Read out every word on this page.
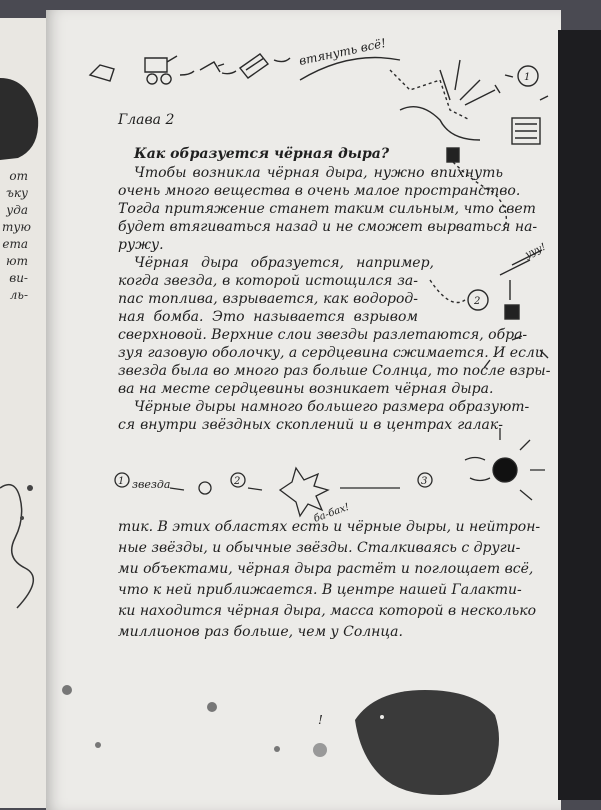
от
ъку
уда
тую
ета
ют
ви-
ль-
втянуть всё!
1
2
ууу!
1 звезда	2	3
ба-бах!
!
Глава 2
Как образуется чёрная дыра?
Чтобы возникла чёрная дыра, нужно впихнуть
очень много вещества в очень малое пространство.
Тогда притяжение станет таким сильным, что свет
будет втягиваться назад и не сможет вырваться на-
ружу.
Чёрная дыра образуется, например,
когда звезда, в которой истощился за-
пас топлива, взрывается, как водород-
ная бомба. Это называется взрывом
сверхновой. Верхние слои звезды разлетаются, обра-
зуя газовую оболочку, а сердцевина сжимается. И если
звезда была во много раз больше Солнца, то после взры-
ва на месте сердцевины возникает чёрная дыра.
Чёрные дыры намного большего размера образуют-
ся внутри звёздных скоплений и в центрах галак-
тик. В этих областях есть и чёрные дыры, и нейтрон-
ные звёзды, и обычные звёзды. Сталкиваясь с други-
ми объектами, чёрная дыра растёт и поглощает всё,
что к ней приближается. В центре нашей Галакти-
ки находится чёрная дыра, масса которой в несколько
миллионов раз больше, чем у Солнца.
